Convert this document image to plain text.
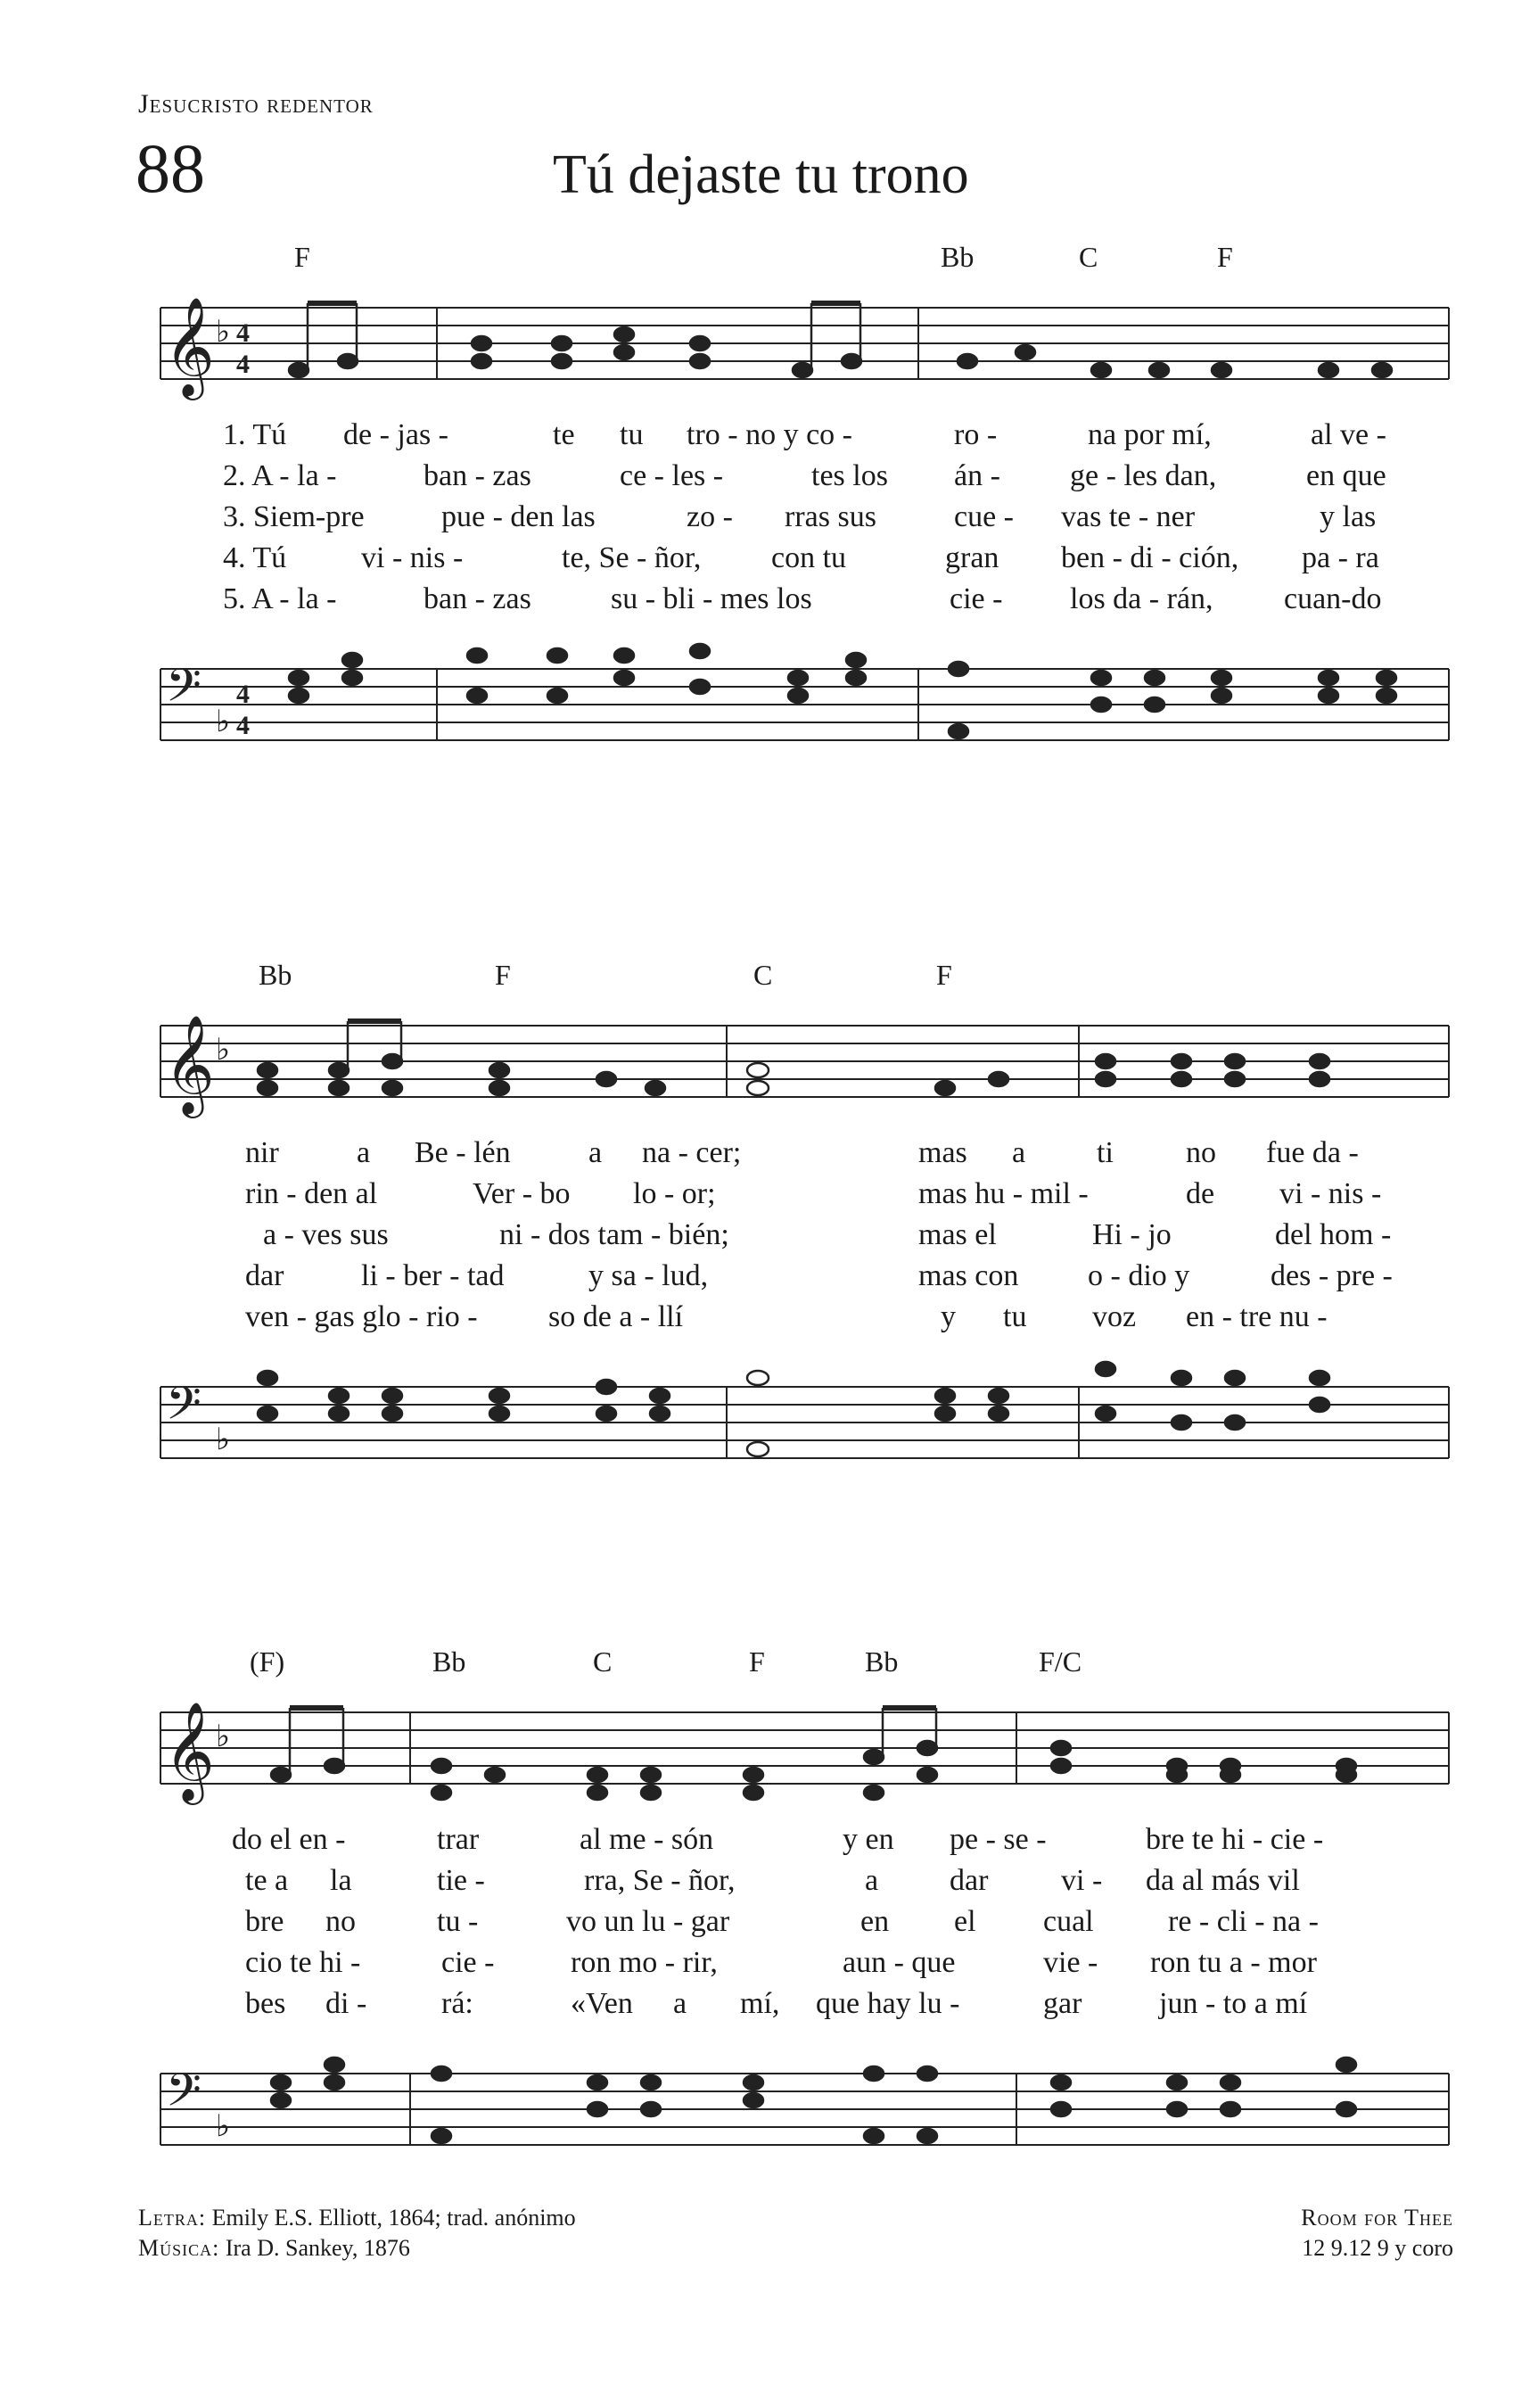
Jesucristo redentor
88	Tú dejaste tu trono
F	Bb	C	F
𝄞 ♭ 4
4
1. Tú de - jas -	te tu tro - no y co -	ro -	na por mí,	al ve -
2. A - la -	ban - zas	ce - les -	tes los án - ge - les dan,	en que
3. Siem-pre	pue - den las	zo - rras sus	cue - vas te - ner	y las
4. Tú vi - nis -	te, Se - ñor, con tu	gran ben - di - ción, pa - ra
5. A - la -	ban - zas	su - bli - mes los	cie - los da - rán, cuan-do
𝄢 ♭
4
4
Bb	F	C	F
𝄞 ♭
nir	a Be - lén	a na - cer;	mas a ti no fue da -
rin - den al	Ver - bo lo - or;	mas hu - mil -	de vi - nis -
a - ves sus	ni - dos tam - bién;	mas el	Hi - jo	del hom -
dar	li - ber - tad	y sa - lud,	mas con o - dio y	des - pre -
ven - gas glo - rio - so de a - llí	y tu voz en - tre nu -
𝄢 ♭
(F)	Bb	C	F	Bb	F/C
𝄞 ♭
do el en -	trar	al me - són	y en pe - se -	bre te hi - cie -
te a la	tie -	rra, Se - ñor,	a dar vi - da al más vil
bre no	tu -	vo un lu - gar	en el cual re - cli - na -
cio te hi -	cie -	ron mo - rir,	aun - que	vie - ron tu a - mor
bes di - rá:	«Ven a mí, que hay lu -	gar	jun - to a mí
𝄢 ♭
Letra: Emily E.S. Elliott, 1864; trad. anónimo
Música: Ira D. Sankey, 1876
Room for Thee
12 9.12 9 y coro
